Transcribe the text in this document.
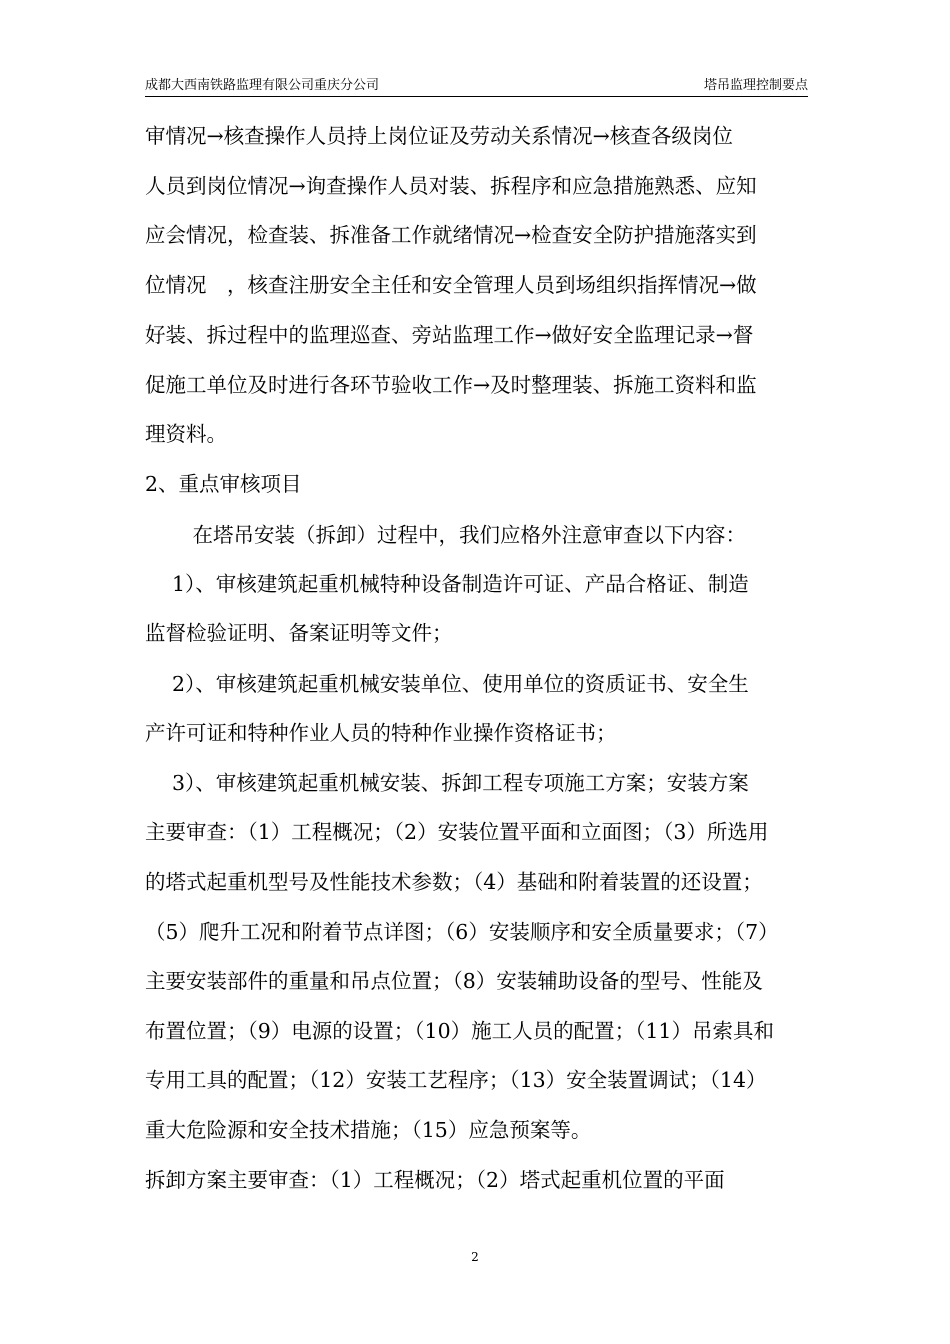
成都大西南铁路监理有限公司重庆分公司	塔吊监理控制要点
审情况→核查操作人员持上岗位证及劳动关系情况→核查各级岗位
人员到岗位情况→询查操作人员对装、拆程序和应急措施熟悉、应知
应会情况，检查装、拆准备工作就绪情况→检查安全防护措施落实到
位情况　，核查注册安全主任和安全管理人员到场组织指挥情况→做
好装、拆过程中的监理巡查、旁站监理工作→做好安全监理记录→督
促施工单位及时进行各环节验收工作→及时整理装、拆施工资料和监
理资料。
2、重点审核项目
　　 在塔吊安装（拆卸）过程中，我们应格外注意审查以下内容：
　 1）、审核建筑起重机械特种设备制造许可证、产品合格证、制造
监督检验证明、备案证明等文件；
　 2）、审核建筑起重机械安装单位、使用单位的资质证书、安全生
产许可证和特种作业人员的特种作业操作资格证书；
　 3）、审核建筑起重机械安装、拆卸工程专项施工方案；安装方案
主要审查：（1）工程概况；（2）安装位置平面和立面图；（3）所选用
的塔式起重机型号及性能技术参数；（4）基础和附着装置的还设置；
（5）爬升工况和附着节点详图；（6）安装顺序和安全质量要求；（7）
主要安装部件的重量和吊点位置；（8）安装辅助设备的型号、性能及
布置位置；（9）电源的设置；（10）施工人员的配置；（11）吊索具和
专用工具的配置；（12）安装工艺程序；（13）安全装置调试；（14）
重大危险源和安全技术措施；（15）应急预案等。
拆卸方案主要审查：（1）工程概况；（2）塔式起重机位置的平面
2
